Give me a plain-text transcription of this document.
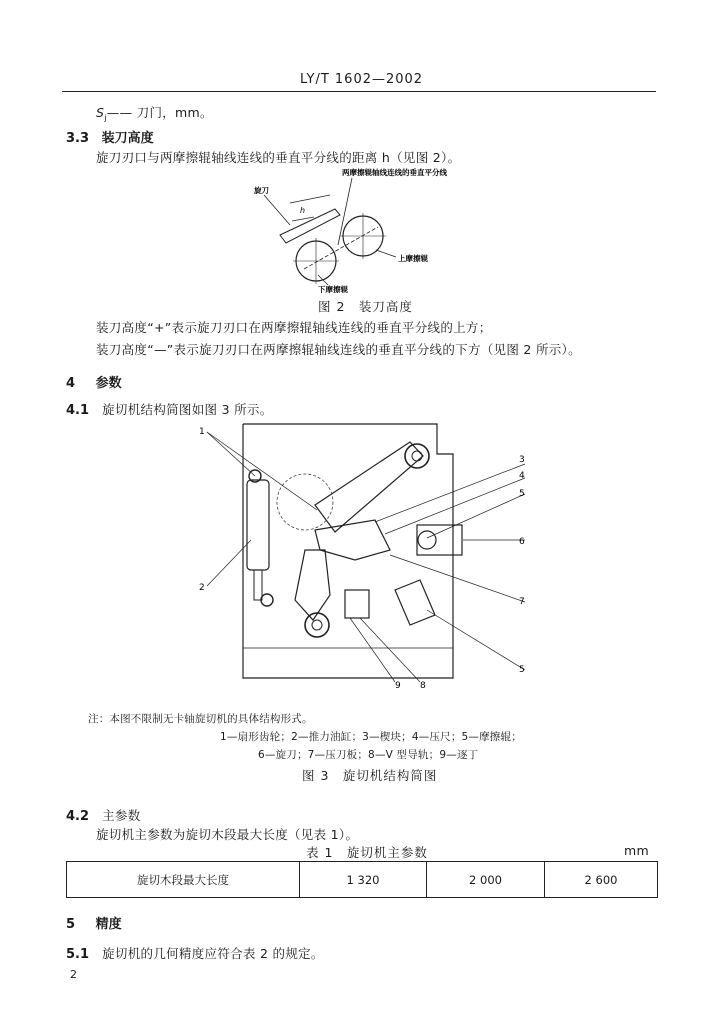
LY/T 1602—2002
$S_j——$ 刀门，mm。
3.3 装刀高度
旋刀刃口与两摩擦辊轴线连线的垂直平分线的距离 h（见图 2）。
两摩擦辊轴线连线的垂直平分线
旋刀
h
上摩擦辊
下摩擦辊
图 2　装刀高度
装刀高度“+”表示旋刀刃口在两摩擦辊轴线连线的垂直平分线的上方；
装刀高度“—”表示旋刀刃口在两摩擦辊轴线连线的垂直平分线的下方（见图 2 所示）。
4 参数
4.1 旋切机结构简图如图 3 所示。
1
2
3
4
5
6
7
5
9 8
注：本图不限制无卡轴旋切机的具体结构形式。
1—扇形齿轮；2—推力油缸；3—楔块；4—压尺；5—摩擦辊；
6—旋刀；7—压刀板；8—V 型导轨；9—逐丁
图 3　旋切机结构简图
4.2 主参数
旋切机主参数为旋切木段最大长度（见表 1）。
表 1　旋切机主参数	mm
旋切木段最大长度	1 320	2 000	2 600
5 精度
5.1 旋切机的几何精度应符合表 2 的规定。
2
